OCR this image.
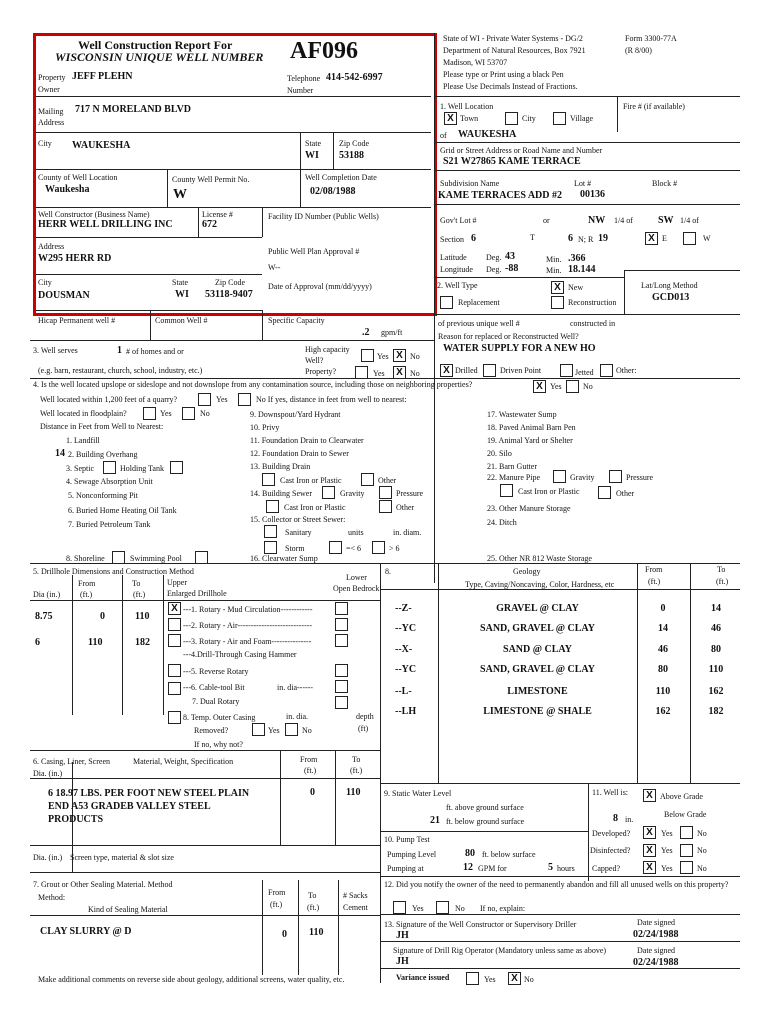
Well Construction Report For
WISCONSIN UNIQUE WELL NUMBER AF096	State of WI - Private Water Systems - DG/2
Department of Natural Resources, Box 7921
Madison, WI 53707
Please type or Print using a black Pen
Please Use Decimals Instead of Fractions.
Form 3300-77A
(R 8/00)
Property
Owner
JEFF PLEHN	Telephone
Number
414-542-6997
Mailing
Address
717 N MORELAND BLVD
City WAUKESHA	State
WI
Zip Code
53188
County of Well Location
Waukesha
County Well Permit No.
W
Well Completion Date
02/08/1988
Well Constructor (Business Name)
HERR WELL DRILLING INC
License #
672
Facility ID Number (Public Wells)
Address
W295 HERR RD
Public Well Plan Approval #
W--
City
DOUSMAN
State
WI
Zip Code
53118-9407
Date of Approval (mm/dd/yyyy)
Hicap Permanent well #	Common Well #	Specific Capacity
.2 gpm/ft
1. Well Location	Fire # (if available)
X Town	City	Village
of WAUKESHA
Grid or Street Address or Road Name and Number
S21 W27865 KAME TERRACE
Subdivision Name
KAME TERRACES ADD #2
Lot #
00136
Block #
Gov't Lot #	or	NW 1/4 of	SW 1/4 of
Section 6	T	6 N; R 19	X E	W
Latitude Deg. 43	Min. .366
Longitude Deg. -88	Min. 18.144
Lat/Long Method
GCD013
2. Well Type	X New
Replacement	Reconstruction
of previous unique well #	constructed in
Reason for replaced or Reconstructed Well?
WATER SUPPLY FOR A NEW HO
X Drilled	Driven Point	Jetted	Other:
3. Well serves	1 # of homes and or
(e.g. barn, restaurant, church, school, industry, etc.)
High capacity
Well?
Property?
Yes X No
Yes	X No
4. Is the well located upslope or sideslope and not downslope from any contamination source, including those on neighboring properties?	X Yes	No
Well located within 1,200 feet of a quarry?	Yes	No If yes, distance in feet from well to nearest:
Well located in floodplain?	Yes	No
Distance in Feet from Well to Nearest:
1. Landfill
14 2. Building Overhang
3. Septic	Holding Tank
4. Sewage Absorption Unit
5. Nonconforming Pit
6. Buried Home Heating Oil Tank
7. Buried Petroleum Tank
8. Shoreline	Swimming Pool
9. Downspout/Yard Hydrant
10. Privy
11. Foundation Drain to Clearwater
12. Foundation Drain to Sewer
13. Building Drain
Cast Iron or Plastic	Other
14. Building Sewer	Gravity	Pressure
Cast Iron or Plastic	Other
15. Collector or Street Sewer:
Sanitary	units	in. diam.
Storm	=< 6	> 6
16. Clearwater Sump
17. Wastewater Sump
18. Paved Animal Barn Pen
19. Animal Yard or Shelter
20. Silo
21. Barn Gutter
22. Manure Pipe	Gravity	Pressure
Cast Iron or Plastic	Other
23. Other Manure Storage
24. Ditch
25. Other NR 812 Waste Storage
5. Drillhole Dimensions and Construction Method
From	To
Dia (in.) (ft.)	(ft.)
Upper
Enlarged Drillhole
Lower
Open Bedrock
8.75	0	110
6	110	182
X ---1. Rotary - Mud Circulation------------
---2. Rotary - Air----------------------------
---3. Rotary - Air and Foam---------------
---4.Drill-Through Casing Hammer
---5. Reverse Rotary
---6. Cable-tool Bit	in. dia------
7. Dual Rotary
8. Temp. Outer Casing	in. dia.	depth
(ft)
Removed?	Yes	No
If no, why not?
8.	Geology
Type, Caving/Noncaving, Color, Hardness, etc
From
(ft.)
To
(ft.)
--Z-	GRAVEL @ CLAY	0	14
--YC	SAND, GRAVEL @ CLAY	14	46
--X-	SAND @ CLAY	46	80
--YC	SAND, GRAVEL @ CLAY	80	110
--L-	LIMESTONE	110	162
--LH	LIMESTONE @ SHALE	162	182
6. Casing, Liner, Screen
Dia. (in.)
Material, Weight, Specification	From
(ft.)
To
(ft.)
6 18.97 LBS. PER FOOT NEW STEEL PLAIN
END A53 GRADEB VALLEY STEEL
PRODUCTS
0	110
Dia. (in.) Screen type, material & slot size
7. Grout or Other Sealing Material. Method
Method:
Kind of Sealing Material
From
(ft.)
To
(ft.)
# Sacks
Cement
CLAY SLURRY @ D	0 110
9. Static Water Level
ft. above ground surface
21 ft. below ground surface
11. Well is:	X Above Grade
Below Grade
8 in.
Developed?	X	Yes	No
Disinfected?	X	Yes	No
Capped?	X	Yes	No
10. Pump Test
Pumping Level	80 ft. below surface
Pumping at	12 GPM for	5 hours
12. Did you notify the owner of the need to permanently abandon and fill all unused wells on this property?
Yes	No If no, explain:
13. Signature of the Well Constructor or Supervisory Driller
JH
Date signed
02/24/1988
Signature of Drill Rig Operator (Mandatory unless same as above)
JH
Date signed
02/24/1988
Variance issued	Yes	X No
Make additional comments on reverse side about geology, additional screens, water quality, etc.
